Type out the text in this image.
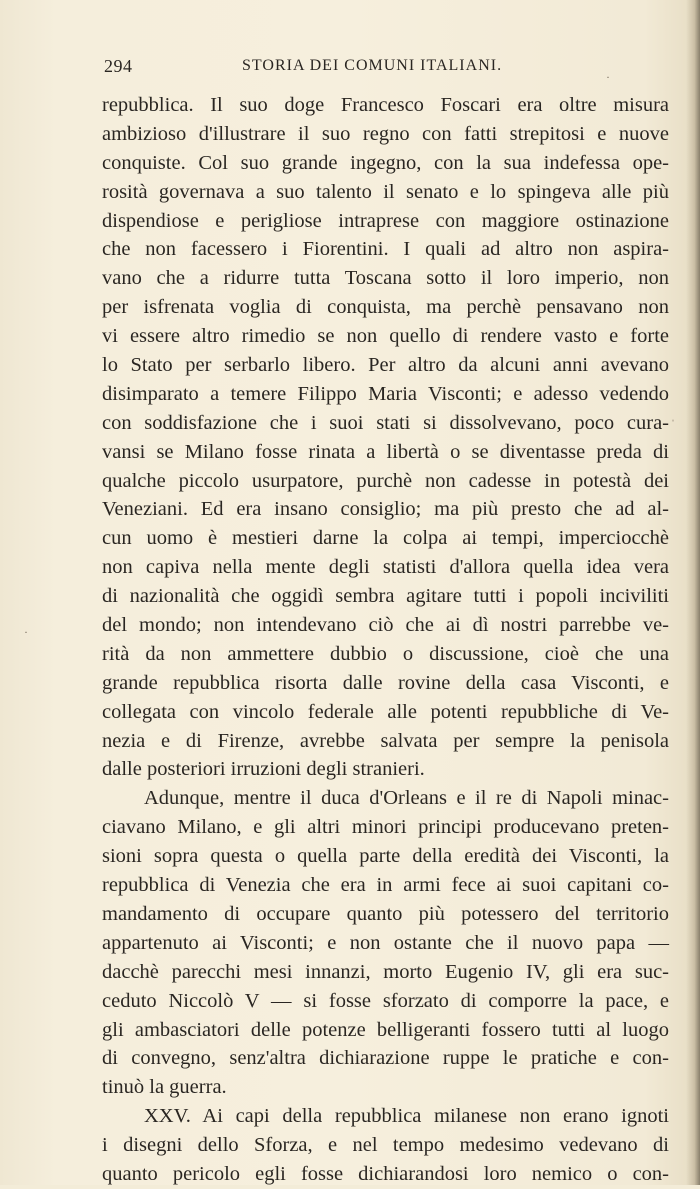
294	STORIA DEI COMUNI ITALIANI.
·
ˌ
·
repubblica. Il suo doge Francesco Foscari era oltre misura
ambizioso d'illustrare il suo regno con fatti strepitosi e nuove
conquiste. Col suo grande ingegno, con la sua indefessa ope-
rosità governava a suo talento il senato e lo spingeva alle più
dispendiose e perigliose intraprese con maggiore ostinazione
che non facessero i Fiorentini. I quali ad altro non aspira-
vano che a ridurre tutta Toscana sotto il loro imperio, non
per isfrenata voglia di conquista, ma perchè pensavano non
vi essere altro rimedio se non quello di rendere vasto e forte
lo Stato per serbarlo libero. Per altro da alcuni anni avevano
disimparato a temere Filippo Maria Visconti; e adesso vedendo
con soddisfazione che i suoi stati si dissolvevano, poco cura-
vansi se Milano fosse rinata a libertà o se diventasse preda di
qualche piccolo usurpatore, purchè non cadesse in potestà dei
Veneziani. Ed era insano consiglio; ma più presto che ad al-
cun uomo è mestieri darne la colpa ai tempi, imperciocchè
non capiva nella mente degli statisti d'allora quella idea vera
di nazionalità che oggidì sembra agitare tutti i popoli inciviliti
del mondo; non intendevano ciò che ai dì nostri parrebbe ve-
rità da non ammettere dubbio o discussione, cioè che una
grande repubblica risorta dalle rovine della casa Visconti, e
collegata con vincolo federale alle potenti repubbliche di Ve-
nezia e di Firenze, avrebbe salvata per sempre la penisola
dalle posteriori irruzioni degli stranieri.
Adunque, mentre il duca d'Orleans e il re di Napoli minac-
ciavano Milano, e gli altri minori principi producevano preten-
sioni sopra questa o quella parte della eredità dei Visconti, la
repubblica di Venezia che era in armi fece ai suoi capitani co-
mandamento di occupare quanto più potessero del territorio
appartenuto ai Visconti; e non ostante che il nuovo papa —
dacchè parecchi mesi innanzi, morto Eugenio IV, gli era suc-
ceduto Niccolò V — si fosse sforzato di comporre la pace, e
gli ambasciatori delle potenze belligeranti fossero tutti al luogo
di convegno, senz'altra dichiarazione ruppe le pratiche e con-
tinuò la guerra.
XXV. Ai capi della repubblica milanese non erano ignoti
i disegni dello Sforza, e nel tempo medesimo vedevano di
quanto pericolo egli fosse dichiarandosi loro nemico o con-
